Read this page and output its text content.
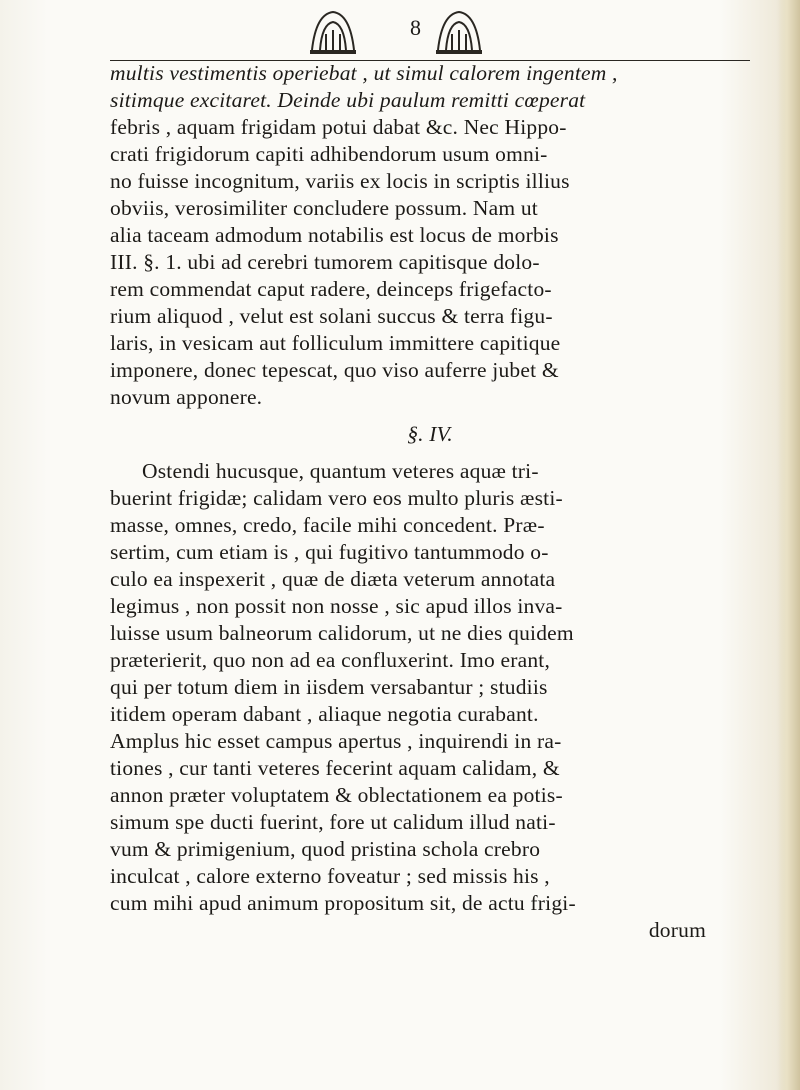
8
multis vestimentis operiebat , ut simul calorem ingentem ,
sitimque excitaret. Deinde ubi paulum remitti cœperat
febris , aquam frigidam potui dabat &c. Nec Hippo-
crati frigidorum capiti adhibendorum usum omni-
no fuisse incognitum, variis ex locis in scriptis illius
obviis, verosimiliter concludere possum. Nam ut
alia taceam admodum notabilis est locus de morbis
III. §. 1. ubi ad cerebri tumorem capitisque dolo-
rem commendat caput radere, deinceps frigefacto-
rium aliquod , velut est solani succus & terra figu-
laris, in vesicam aut folliculum immittere capitique
imponere, donec tepescat, quo viso auferre jubet &
novum apponere.
§. IV.
Ostendi hucusque, quantum veteres aquæ tri-
buerint frigidæ; calidam vero eos multo pluris æsti-
masse, omnes, credo, facile mihi concedent. Præ-
sertim, cum etiam is , qui fugitivo tantummodo o-
culo ea inspexerit , quæ de diæta veterum annotata
legimus , non possit non nosse , sic apud illos inva-
luisse usum balneorum calidorum, ut ne dies quidem
præterierit, quo non ad ea confluxerint. Imo erant,
qui per totum diem in iisdem versabantur ; studiis
itidem operam dabant , aliaque negotia curabant.
Amplus hic esset campus apertus , inquirendi in ra-
tiones , cur tanti veteres fecerint aquam calidam, &
annon præter voluptatem & oblectationem ea potis-
simum spe ducti fuerint, fore ut calidum illud nati-
vum & primigenium, quod pristina schola crebro
inculcat , calore externo foveatur ; sed missis his ,
cum mihi apud animum propositum sit, de actu frigi-
dorum
